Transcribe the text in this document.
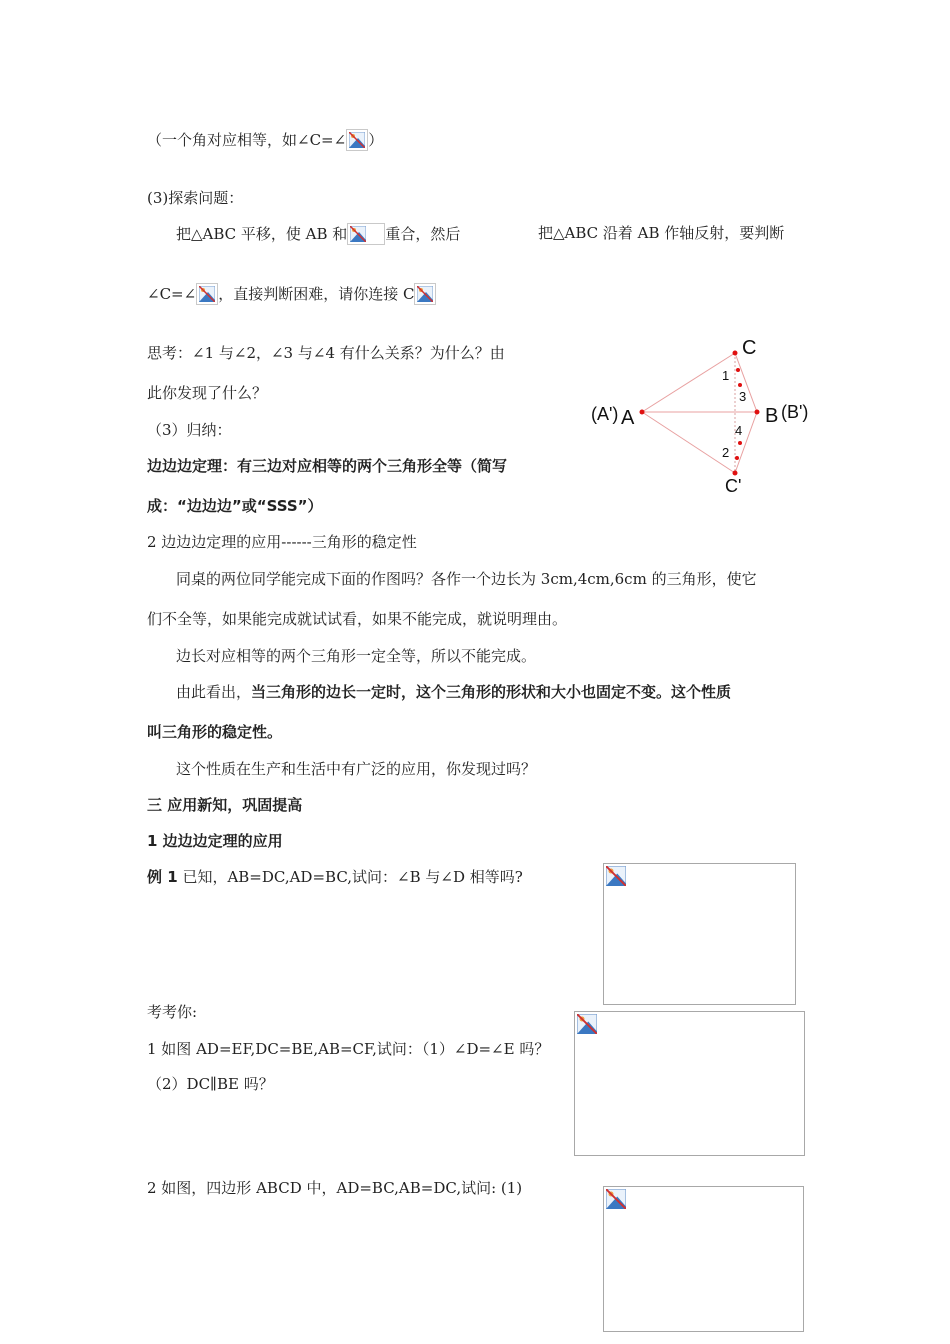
（一个角对应相等，如∠C=∠ ）
(3)探索问题：
把△ABC 平移，使 AB 和	重合，然后	把△ABC 沿着 AB 作轴反射，要判断
∠C=∠ ，直接判断困难，请你连接 C
思考：∠1 与∠2，∠3 与∠4 有什么关系？为什么？由
此你发现了什么？
（3）归纳：
边边边定理：有三边对应相等的两个三角形全等（简写
成：“边边边”或“SSS”）
C
C'
(A') A	B (B')
1
3
4
2
2 边边边定理的应用------三角形的稳定性
同桌的两位同学能完成下面的作图吗？各作一个边长为 3cm,4cm,6cm 的三角形，使它
们不全等，如果能完成就试试看，如果不能完成，就说明理由。
边长对应相等的两个三角形一定全等，所以不能完成。
由此看出，当三角形的边长一定时，这个三角形的形状和大小也固定不变。这个性质
叫三角形的稳定性。
这个性质在生产和生活中有广泛的应用，你发现过吗？
三 应用新知，巩固提高
1 边边边定理的应用
例 1 已知，AB=DC,AD=BC,试问：∠B 与∠D 相等吗?
考考你:
1 如图 AD=EF,DC=BE,AB=CF,试问：（1）∠D=∠E 吗？
（2）DC∥BE 吗？
2 如图，四边形 ABCD 中，AD=BC,AB=DC,试问: (1)
